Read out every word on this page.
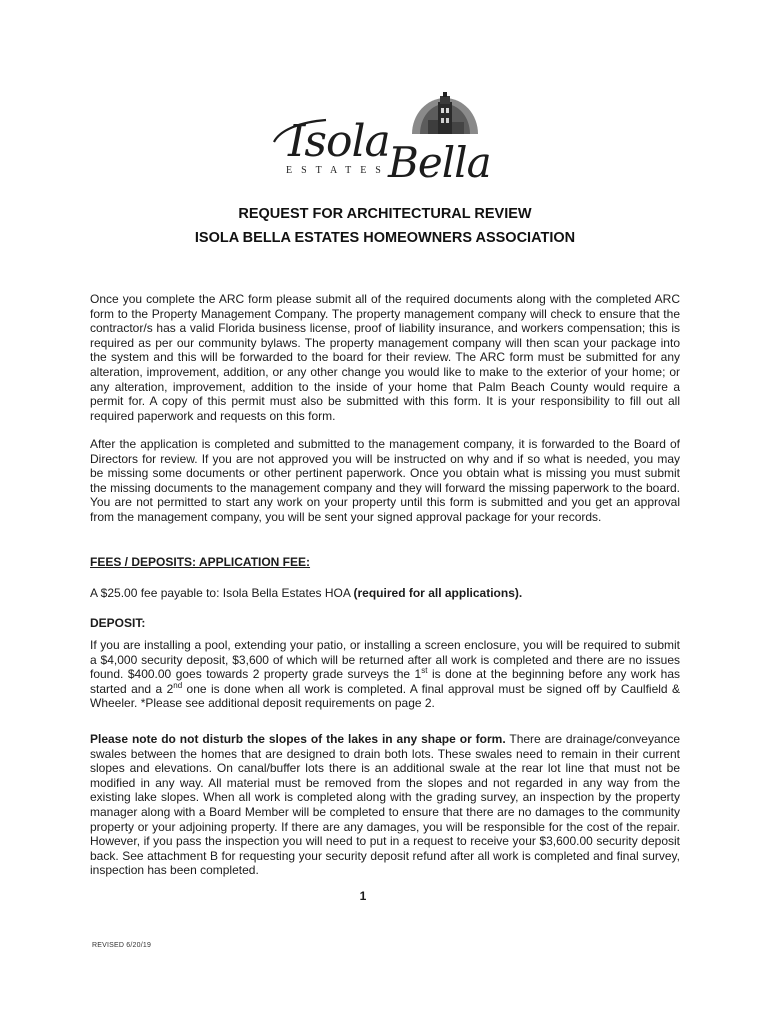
Isola
Bella
ESTATES
REQUEST FOR ARCHITECTURAL REVIEW
ISOLA BELLA ESTATES HOMEOWNERS ASSOCIATION
Once you complete the ARC form please submit all of the required documents along with the completed ARC form to the Property Management Company. The property management company will check to ensure that the contractor/s has a valid Florida business license, proof of liability insurance, and workers compensation; this is required as per our community bylaws. The property management company will then scan your package into the system and this will be forwarded to the board for their review. The ARC form must be submitted for any alteration, improvement, addition, or any other change you would like to make to the exterior of your home; or any alteration, improvement, addition to the inside of your home that Palm Beach County would require a permit for. A copy of this permit must also be submitted with this form. It is your responsibility to fill out all required paperwork and requests on this form.
After the application is completed and submitted to the management company, it is forwarded to the Board of Directors for review. If you are not approved you will be instructed on why and if so what is needed, you may be missing some documents or other pertinent paperwork. Once you obtain what is missing you must submit the missing documents to the management company and they will forward the missing paperwork to the board. You are not permitted to start any work on your property until this form is submitted and you get an approval from the management company, you will be sent your signed approval package for your records.
FEES / DEPOSITS: APPLICATION FEE:
A $25.00 fee payable to: Isola Bella Estates HOA (required for all applications).
DEPOSIT:
If you are installing a pool, extending your patio, or installing a screen enclosure, you will be required to submit a $4,000 security deposit, $3,600 of which will be returned after all work is completed and there are no issues found. $400.00 goes towards 2 property grade surveys the 1st is done at the beginning before any work has started and a 2nd one is done when all work is completed. A final approval must be signed off by Caulfield & Wheeler. *Please see additional deposit requirements on page 2.
Please note do not disturb the slopes of the lakes in any shape or form. There are drainage/conveyance swales between the homes that are designed to drain both lots. These swales need to remain in their current slopes and elevations. On canal/buffer lots there is an additional swale at the rear lot line that must not be modified in any way. All material must be removed from the slopes and not regarded in any way from the existing lake slopes. When all work is completed along with the grading survey, an inspection by the property manager along with a Board Member will be completed to ensure that there are no damages to the community property or your adjoining property. If there are any damages, you will be responsible for the cost of the repair. However, if you pass the inspection you will need to put in a request to receive your $3,600.00 security deposit back. See attachment B for requesting your security deposit refund after all work is completed and final survey, inspection has been completed.
1
REVISED 6/20/19
